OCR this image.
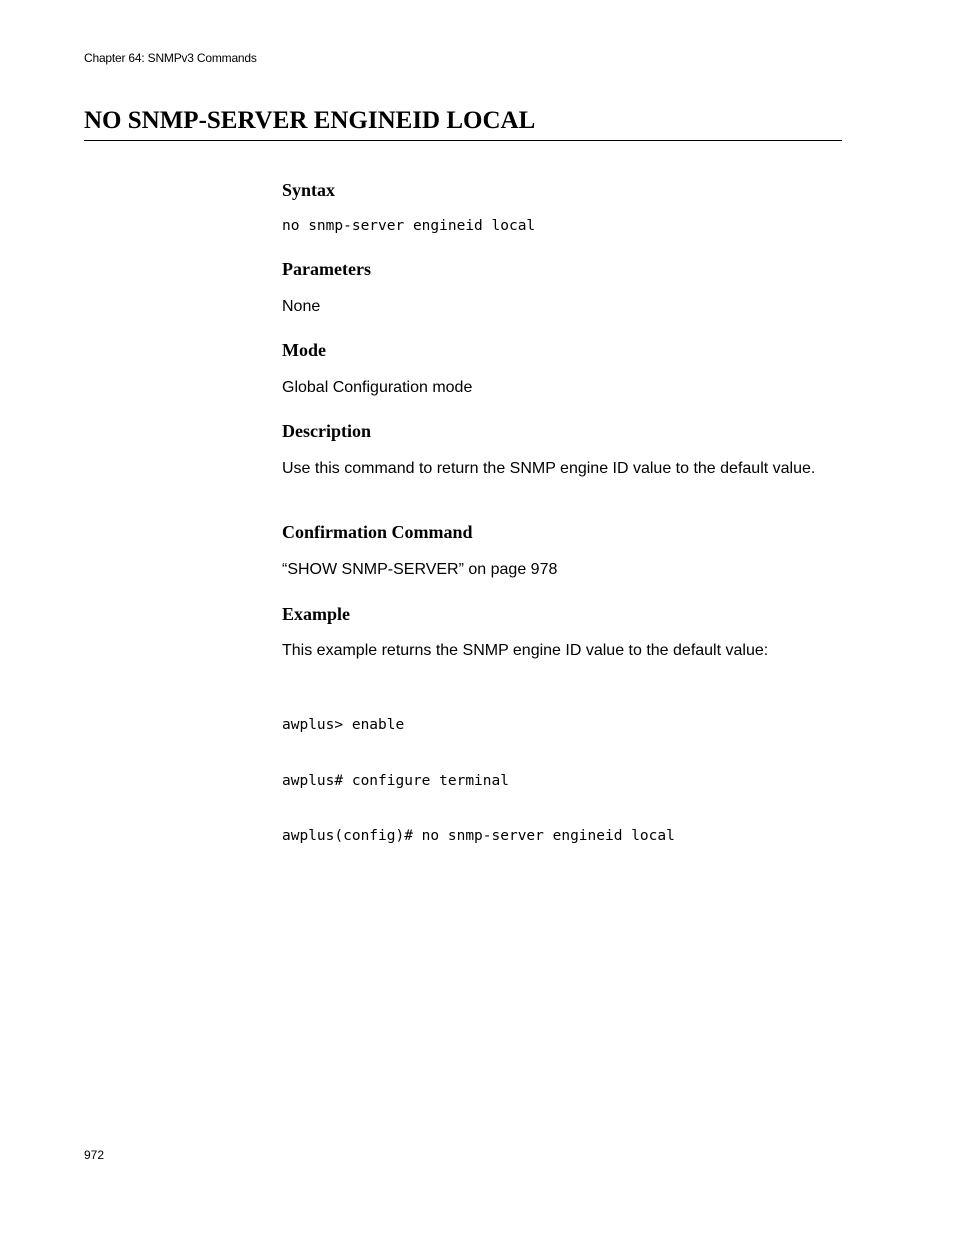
Chapter 64: SNMPv3 Commands
NO SNMP-SERVER ENGINEID LOCAL
Syntax
no snmp-server engineid local
Parameters

None

Mode

Global Configuration mode

Description

Use this command to return the SNMP engine ID value to the default value.

Confirmation Command

“SHOW SNMP-SERVER” on page 978

Example

This example returns the SNMP engine ID value to the default value:

awplus> enable

awplus# configure terminal

awplus(config)# no snmp-server engineid local

972
